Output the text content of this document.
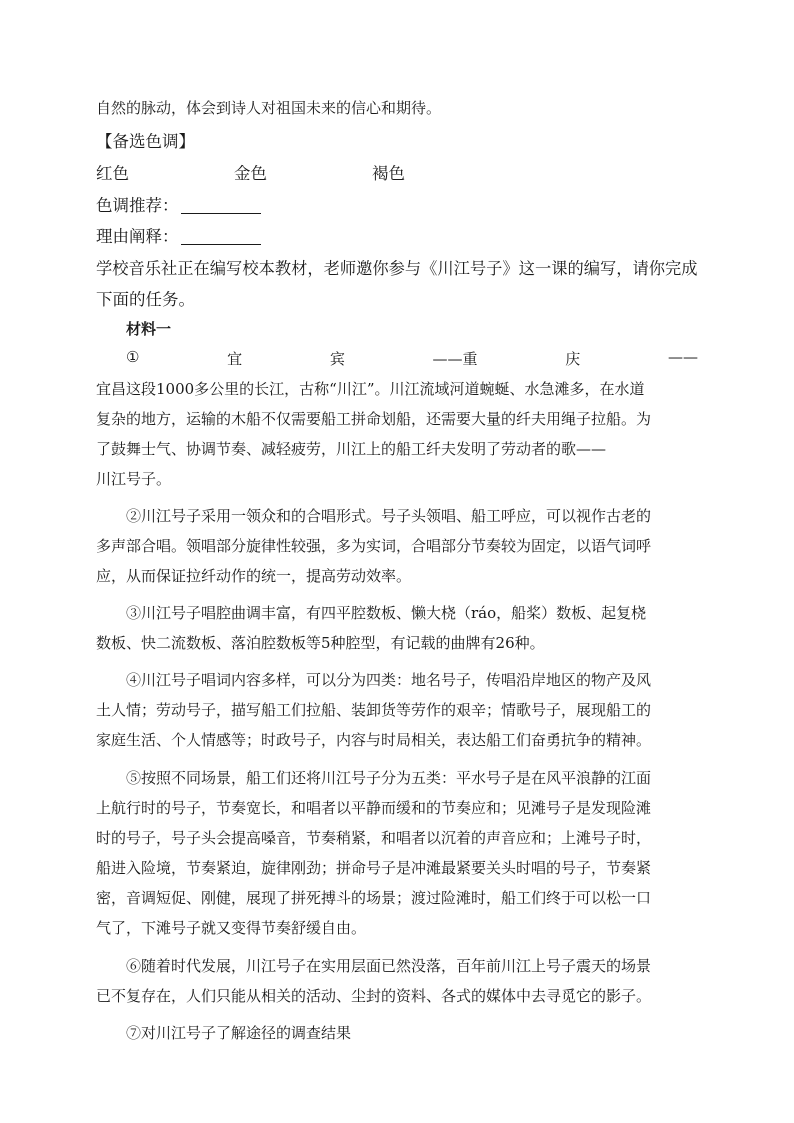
自然的脉动，体会到诗人对祖国未来的信心和期待。
【备选色调】
红色	金色	褐色
色调推荐：
理由阐释：
学校音乐社正在编写校本教材，老师邀你参与《川江号子》这一课的编写，请你完成
下面的任务。
材料一
①	宜	宾	——重	庆	——
宜昌这段1000多公里的长江，古称“川江”。川江流域河道蜿蜒、水急滩多，在水道
复杂的地方，运输的木船不仅需要船工拼命划船，还需要大量的纤夫用绳子拉船。为
了鼓舞士气、协调节奏、减轻疲劳，川江上的船工纤夫发明了劳动者的歌——
川江号子。
②川江号子采用一领众和的合唱形式。号子头领唱、船工呼应，可以视作古老的
多声部合唱。领唱部分旋律性较强，多为实词，合唱部分节奏较为固定，以语气词呼
应，从而保证拉纤动作的统一，提高劳动效率。
③川江号子唱腔曲调丰富，有四平腔数板、懒大桡（ráo，船桨）数板、起复桡
数板、快二流数板、落泊腔数板等5种腔型，有记载的曲牌有26种。
④川江号子唱词内容多样，可以分为四类：地名号子，传唱沿岸地区的物产及风
土人情；劳动号子，描写船工们拉船、装卸货等劳作的艰辛；情歌号子，展现船工的
家庭生活、个人情感等；时政号子，内容与时局相关，表达船工们奋勇抗争的精神。
⑤按照不同场景，船工们还将川江号子分为五类：平水号子是在风平浪静的江面
上航行时的号子，节奏宽长，和唱者以平静而缓和的节奏应和；见滩号子是发现险滩
时的号子，号子头会提高嗓音，节奏稍紧，和唱者以沉着的声音应和；上滩号子时，
船进入险境，节奏紧迫，旋律刚劲；拼命号子是冲滩最紧要关头时唱的号子，节奏紧
密，音调短促、刚健，展现了拼死搏斗的场景；渡过险滩时，船工们终于可以松一口
气了，下滩号子就又变得节奏舒缓自由。
⑥随着时代发展，川江号子在实用层面已然没落，百年前川江上号子震天的场景
已不复存在，人们只能从相关的活动、尘封的资料、各式的媒体中去寻觅它的影子。
⑦对川江号子了解途径的调查结果
